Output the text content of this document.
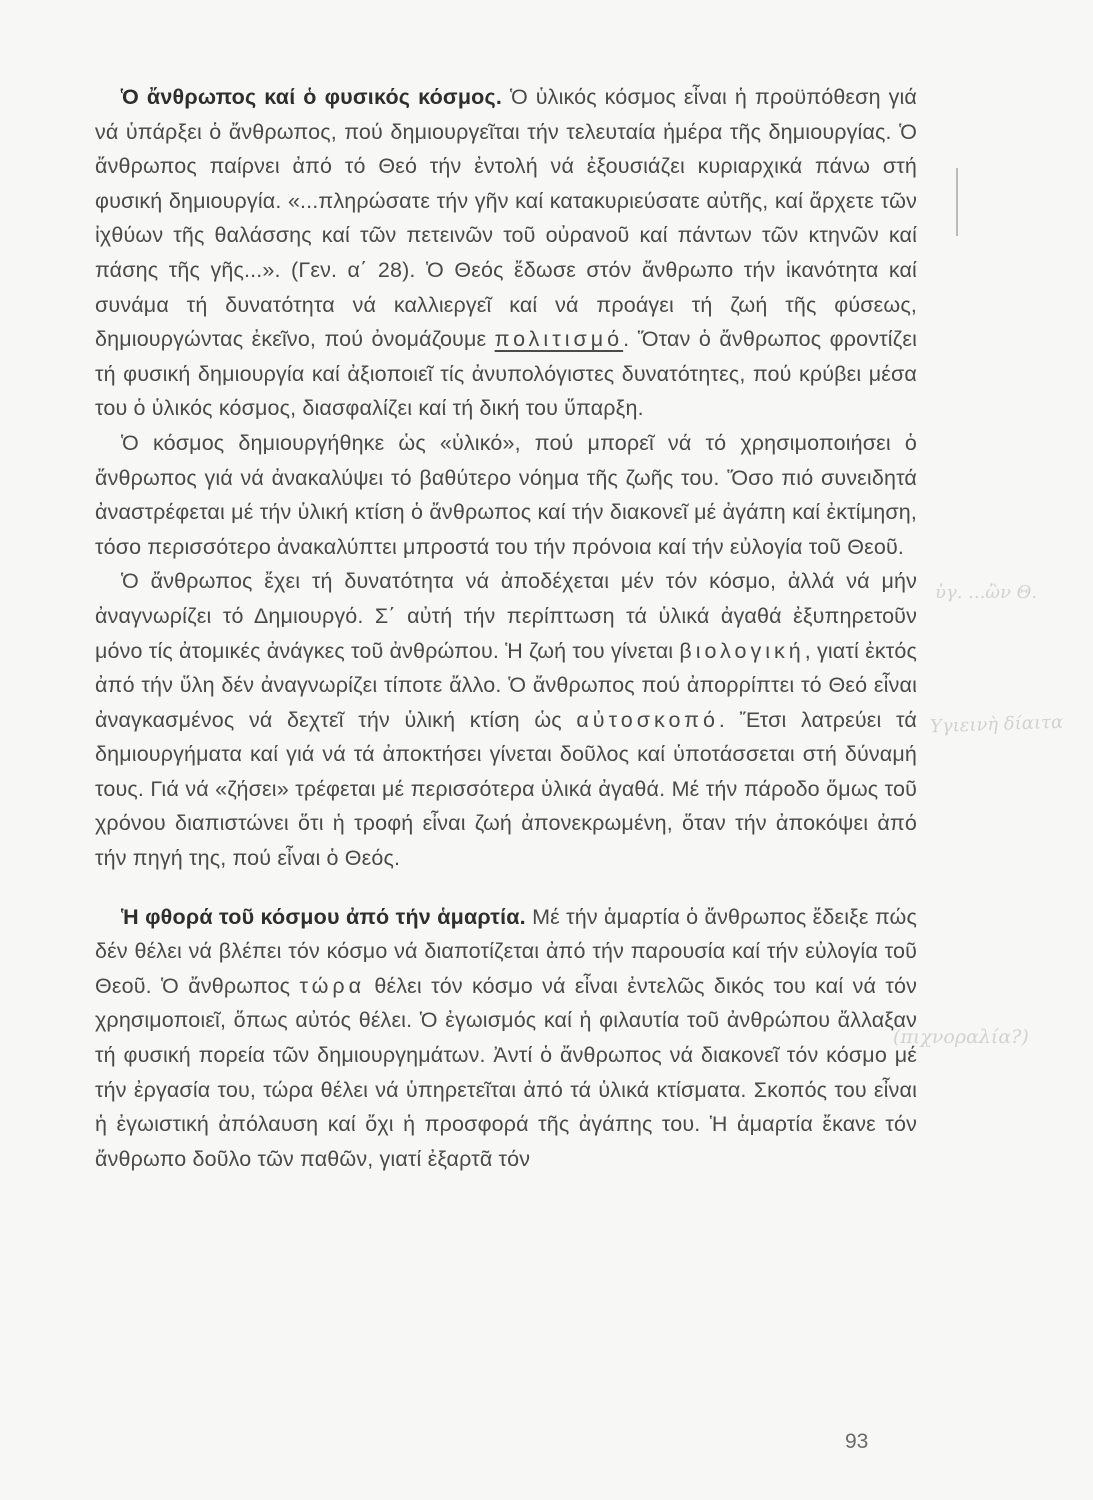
Ὁ ἄνθρωπος καί ὁ φυσικός κόσμος. Ὁ ὑλικός κόσμος εἶναι ἡ προϋπόθεση γιά νά ὑπάρξει ὁ ἄνθρωπος, πού δημιουργεῖται τήν τελευταία ἡμέρα τῆς δημιουργίας. Ὁ ἄνθρωπος παίρνει ἀπό τό Θεό τήν ἐντολή νά ἐξουσιάζει κυριαρχικά πάνω στή φυσική δημιουργία. «...πληρώσατε τήν γῆν καί κατακυριεύσατε αὐτῆς, καί ἄρχετε τῶν ἰχθύων τῆς θαλάσσης καί τῶν πετεινῶν τοῦ οὐρανοῦ καί πάντων τῶν κτηνῶν καί πάσης τῆς γῆς...». (Γεν. α΄ 28). Ὁ Θεός ἔδωσε στόν ἄνθρωπο τήν ἱκανότητα καί συνάμα τή δυνατότητα νά καλλιεργεῖ καί νά προάγει τή ζωή τῆς φύσεως, δημιουργώντας ἐκεῖνο, πού ὀνομάζουμε πολιτισμό. Ὅταν ὁ ἄνθρωπος φροντίζει τή φυσική δημιουργία καί ἀξιοποιεῖ τίς ἀνυπολόγιστες δυνατότητες, πού κρύβει μέσα του ὁ ὑλικός κόσμος, διασφαλίζει καί τή δική του ὕπαρξη.

Ὁ κόσμος δημιουργήθηκε ὡς «ὑλικό», πού μπορεῖ νά τό χρησιμοποιήσει ὁ ἄνθρωπος γιά νά ἀνακαλύψει τό βαθύτερο νόημα τῆς ζωῆς του. Ὅσο πιό συνειδητά ἀναστρέφεται μέ τήν ὑλική κτίση ὁ ἄνθρωπος καί τήν διακονεῖ μέ ἀγάπη καί ἐκτίμηση, τόσο περισσότερο ἀνακαλύπτει μπροστά του τήν πρόνοια καί τήν εὐλογία τοῦ Θεοῦ.

Ὁ ἄνθρωπος ἔχει τή δυνατότητα νά ἀποδέχεται μέν τόν κόσμο, ἀλλά νά μήν ἀναγνωρίζει τό Δημιουργό. Σ΄ αὐτή τήν περίπτωση τά ὑλικά ἀγαθά ἐξυπηρετοῦν μόνο τίς ἀτομικές ἀνάγκες τοῦ ἀνθρώπου. Ἡ ζωή του γίνεται βιολογική, γιατί ἐκτός ἀπό τήν ὕλη δέν ἀναγνωρίζει τίποτε ἄλλο. Ὁ ἄνθρωπος πού ἀπορρίπτει τό Θεό εἶναι ἀναγκασμένος νά δεχτεῖ τήν ὑλική κτίση ὡς αὐτοσκοπό. Ἔτσι λατρεύει τά δημιουργήματα καί γιά νά τά ἀποκτήσει γίνεται δοῦλος καί ὑποτάσσεται στή δύναμή τους. Γιά νά «ζήσει» τρέφεται μέ περισσότερα ὑλικά ἀγαθά. Μέ τήν πάροδο ὅμως τοῦ χρόνου διαπιστώνει ὅτι ἡ τροφή εἶναι ζωή ἀπονεκρωμένη, ὅταν τήν ἀποκόψει ἀπό τήν πηγή της, πού εἶναι ὁ Θεός.

Ἡ φθορά τοῦ κόσμου ἀπό τήν ἁμαρτία. Μέ τήν ἁμαρτία ὁ ἄνθρωπος ἔδειξε πώς δέν θέλει νά βλέπει τόν κόσμο νά διαποτίζεται ἀπό τήν παρουσία καί τήν εὐλογία τοῦ Θεοῦ. Ὁ ἄνθρωπος τώρα θέλει τόν κόσμο νά εἶναι ἐντελῶς δικός του καί νά τόν χρησιμοποιεῖ, ὅπως αὐτός θέλει. Ὁ ἐγωισμός καί ἡ φιλαυτία τοῦ ἀνθρώπου ἄλλαξαν τή φυσική πορεία τῶν δημιουργημάτων. Ἀντί ὁ ἄνθρωπος νά διακονεῖ τόν κόσμο μέ τήν ἐργασία του, τώρα θέλει νά ὑπηρετεῖται ἀπό τά ὑλικά κτίσματα. Σκοπός του εἶναι ἡ ἐγωιστική ἀπόλαυση καί ὄχι ἡ προσφορά τῆς ἀγάπης του. Ἡ ἁμαρτία ἔκανε τόν ἄνθρωπο δοῦλο τῶν παθῶν, γιατί ἐξαρτᾶ τόν

ὑγ. ...ὢν Θ.
Υγιεινὴ δίαιτα
(πιχνοραλία?)
93
